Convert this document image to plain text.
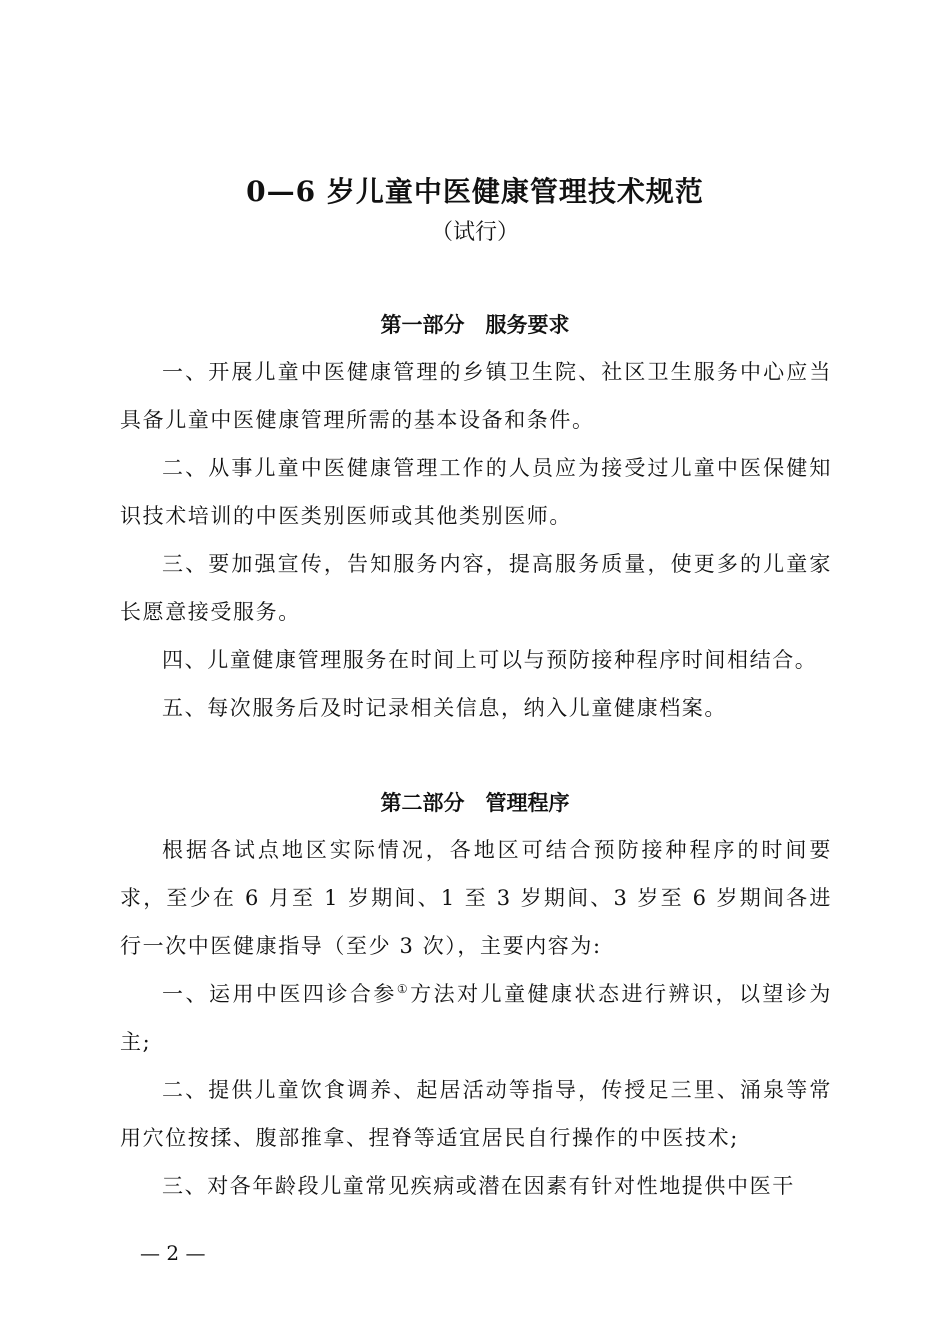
0—6 岁儿童中医健康管理技术规范
（试行）
第一部分　服务要求

一、开展儿童中医健康管理的乡镇卫生院、社区卫生服务中心应当具备儿童中医健康管理所需的基本设备和条件。

二、从事儿童中医健康管理工作的人员应为接受过儿童中医保健知识技术培训的中医类别医师或其他类别医师。

三、要加强宣传，告知服务内容，提高服务质量，使更多的儿童家长愿意接受服务。

四、儿童健康管理服务在时间上可以与预防接种程序时间相结合。

五、每次服务后及时记录相关信息，纳入儿童健康档案。

第二部分　管理程序

根据各试点地区实际情况，各地区可结合预防接种程序的时间要求，至少在 6 月至 1 岁期间、1 至 3 岁期间、3 岁至 6 岁期间各进行一次中医健康指导（至少 3 次），主要内容为:

一、运用中医四诊合参①方法对儿童健康状态进行辨识，以望诊为主;

二、提供儿童饮食调养、起居活动等指导，传授足三里、涌泉等常用穴位按揉、腹部推拿、捏脊等适宜居民自行操作的中医技术;

三、对各年龄段儿童常见疾病或潜在因素有针对性地提供中医干

— 2 —
